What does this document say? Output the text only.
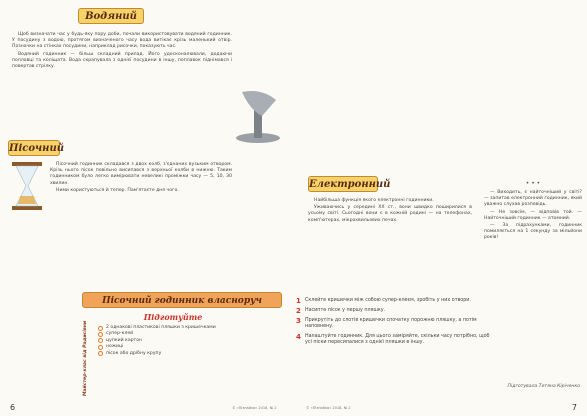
Водяний

Щоб визначати час у будь-яку пору доби, почали використовувати водяний годинник. У посудину з водою, протягом визначеного часу вода витікає крізь маленький отвір. Позначки на стінках посудини, наприклад рисочки, показують час.

Водяний годинник — більш складний прилад. Його удосконалювали, додаючи поплавці та коліщата. Вода скрапувала з однієї посудини в іншу, поплавок піднімався і повертав стрілку.

Пісочний

Пісочний годинник складався з двох колб, з'єднаних вузьким отвором. Крізь нього пісок повільно висипався з верхньої колби в нижню. Таким годинником було легко вимірювати невеликі проміжки часу — 5, 10, 30 хвилин.

Ними користуються й тепер. Пам'ятаєте дня чого.

Електронний

Найбільша функція якого електронні годинники.

Уживаючись у середині ХХ ст., вони швидко поширилися в усьому світі. Сьогодні вони є в кожній родині — на телефонах, комп'ютерах, мікрохвильових печах.

Пісочний годинник власноруч
Майстер-клас від Радисівни
Підготуйте
2 однакові пластикові пляшки з кришечками
супер-клей
цупкий картон
ножиці
пісок або дрібну крупу
1 Склейте кришечки між собою супер-клеєм, зробіть у них отвори.
2 Насипте пісок у першу пляшку.
3 Прикрутіть до слотів кришечки спочатку порожню пляшку, а потім наповнену.
4 Налаштуйте годинник. Для цього заміряйте, скільки часу потрібно, щоб усі піски пересипалися з однієї пляшки в іншу.
• • •

— Виходить, є найточніший у світі? — запитав електронний годинник, який уважно слухав розповідь.

— Не зовсім, — відповів той. — Найточніший годинник — атомний.

— За підрахунками, годинник помиляється на 1 секунду за мільйони років!

Підготувала Тетяна Кіріченко
© «Пізнайко» 2018, № 2	© «Пізнайко» 2018, № 2
6	7
